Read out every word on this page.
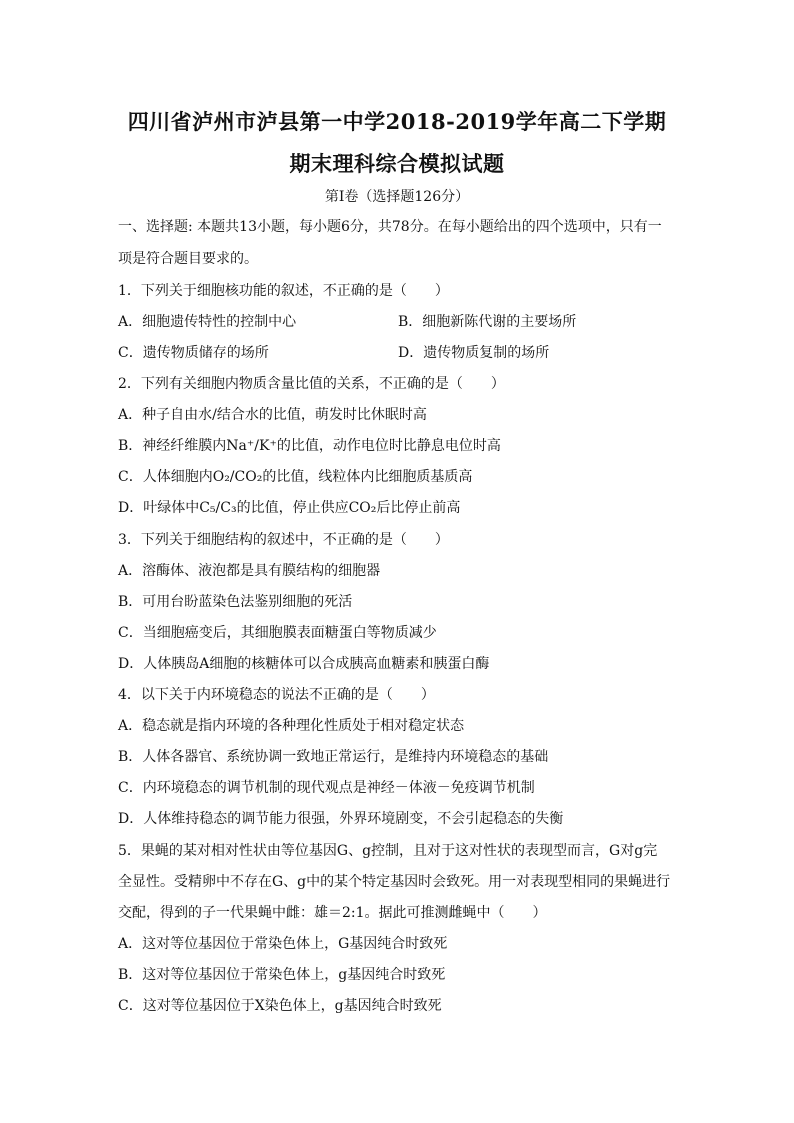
四川省泸州市泸县第一中学2018-2019学年高二下学期
期末理科综合模拟试题
第I卷（选择题126分）
一、选择题: 本题共13小题，每小题6分，共78分。在每小题给出的四个选项中，只有一
项是符合题目要求的。
1．下列关于细胞核功能的叙述，不正确的是（　　）
A．细胞遗传特性的控制中心	B．细胞新陈代谢的主要场所
C．遗传物质储存的场所	D．遗传物质复制的场所
2．下列有关细胞内物质含量比值的关系，不正确的是（　　）
A．种子自由水/结合水的比值，萌发时比休眠时高
B．神经纤维膜内Na⁺/K⁺的比值，动作电位时比静息电位时高
C．人体细胞内O₂/CO₂的比值，线粒体内比细胞质基质高
D．叶绿体中C₅/C₃的比值，停止供应CO₂后比停止前高
3．下列关于细胞结构的叙述中，不正确的是（　　）
A．溶酶体、液泡都是具有膜结构的细胞器
B．可用台盼蓝染色法鉴别细胞的死活
C．当细胞癌变后，其细胞膜表面糖蛋白等物质减少
D．人体胰岛A细胞的核糖体可以合成胰高血糖素和胰蛋白酶
4．以下关于内环境稳态的说法不正确的是（　　）
A．稳态就是指内环境的各种理化性质处于相对稳定状态
B．人体各器官、系统协调一致地正常运行，是维持内环境稳态的基础
C．内环境稳态的调节机制的现代观点是神经－体液－免疫调节机制
D．人体维持稳态的调节能力很强，外界环境剧变，不会引起稳态的失衡
5．果蝇的某对相对性状由等位基因G、g控制，且对于这对性状的表现型而言，G对g完
全显性。受精卵中不存在G、g中的某个特定基因时会致死。用一对表现型相同的果蝇进行
交配，得到的子一代果蝇中雌：雄＝2:1。据此可推测雌蝇中（　　）
A．这对等位基因位于常染色体上，G基因纯合时致死
B．这对等位基因位于常染色体上，g基因纯合时致死
C．这对等位基因位于X染色体上，g基因纯合时致死
